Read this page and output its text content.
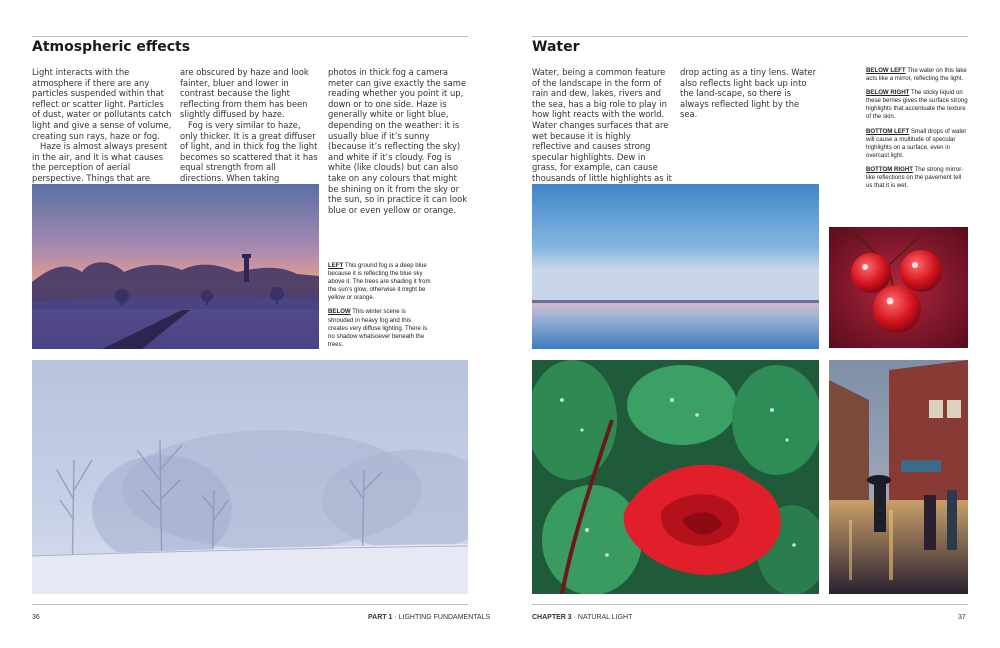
Atmospheric effects

Light interacts with the atmosphere if there are any particles suspended within that reflect or scatter light. Particles of dust, water or pollutants catch light and give a sense of volume, creating sun rays, haze or fog.

Haze is almost always present in the air, and it is what causes the perception of aerial perspective. Things that are

are obscured by haze and look fainter, bluer and lower in contrast because the light reflecting from them has been slightly diffused by haze.

Fog is very similar to haze, only thicker. It is a great diffuser of light, and in thick fog the light becomes so scattered that it has equal strength from all directions. When taking

photos in thick fog a camera meter can give exactly the same reading whether you point it up, down or to one side. Haze is generally white or light blue, depending on the weather: it is usually blue if it’s sunny (because it’s reflecting the sky) and white if it’s cloudy. Fog is white (like clouds) but can also take on any colours that might be shining on it from the sky or the sun, so in practice it can look blue or even yellow or orange.

LEFT This ground fog is a deep blue because it is reflecting the blue sky above it. The trees are shading it from the sun’s glow, otherwise it might be yellow or orange.

BELOW This winter scene is shrouded in heavy fog and this creates very diffuse lighting. There is no shadow whatsoever beneath the trees.

36	PART 1 · LIGHTING FUNDAMENTALS
Water

Water, being a common feature of the landscape in the form of rain and dew, lakes, rivers and the sea, has a big role to play in how light reacts with the world. Water changes surfaces that are wet because it is highly reflective and causes strong specular highlights. Dew in grass, for example, can cause thousands of little highlights as it

drop acting as a tiny lens. Water also reflects light back up into the land-scape, so there is always reflected light by the sea.

BELOW LEFT The water on this lake acts like a mirror, reflecting the light.

BELOW RIGHT The sticky liquid on these berries gives the surface strong highlights that accentuate the texture of the skin.

BOTTOM LEFT Small drops of water will cause a multitude of specular highlights on a surface, even in overcast light.

BOTTOM RIGHT The strong mirror-like reflections on the pavement tell us that it is wet.

CHAPTER 3 · NATURAL LIGHT	37
